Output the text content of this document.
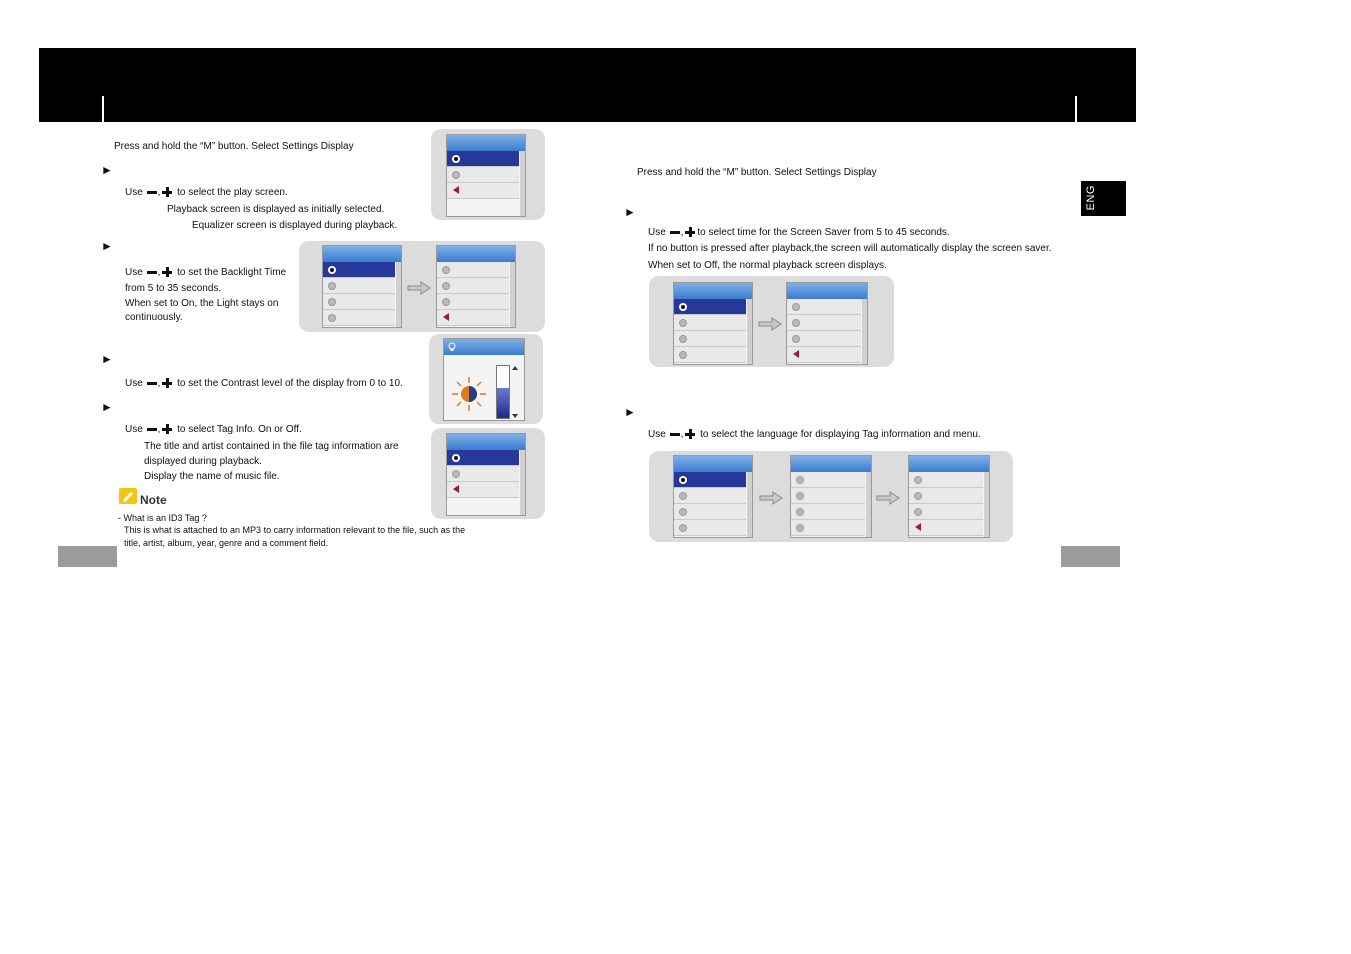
Press and hold the “M” button. Select Settings Display
►
Use , to select the play screen.
Playback screen is displayed as initially selected.
Equalizer screen is displayed during playback.
►
Use , to set the Backlight Time
from 5 to 35 seconds.
When set to On, the Light stays on
continuously.
►
Use , to set the Contrast level of the display from 0 to 10.
►
Use , to select Tag Info. On or Off.
The title and artist contained in the file tag information are
displayed during playback.
Display the name of music file.
Note
- What is an ID3 Tag ?
This is what is attached to an MP3 to carry information relevant to the file, such as the
title, artist, album, year, genre and a comment field.
Press and hold the “M” button. Select Settings Display
ENG
►
Use , to select time for the Screen Saver from 5 to 45 seconds.
If no button is pressed after playback,the screen will automatically display the screen saver.
When set to Off, the normal playback screen displays.
►
Use , to select the language for displaying Tag information and menu.
